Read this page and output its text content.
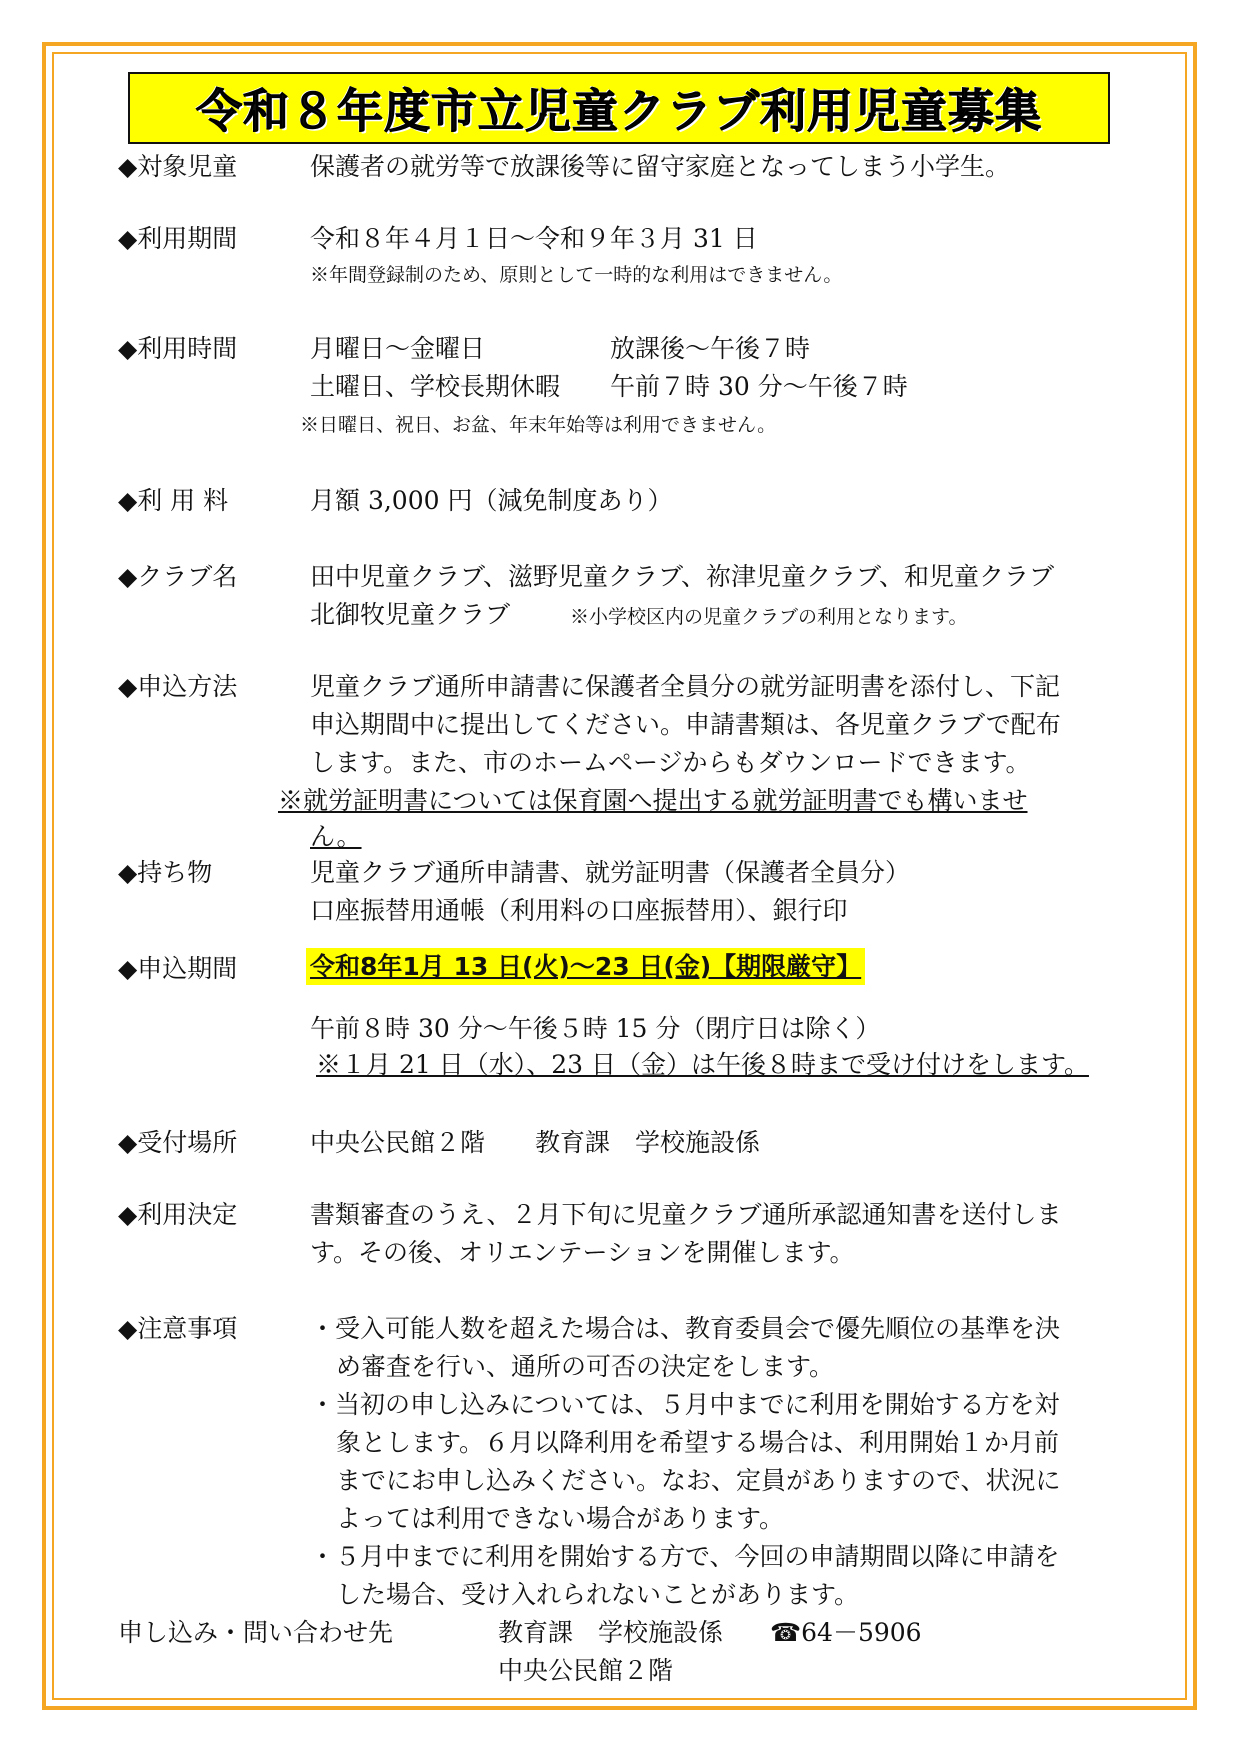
令和８年度市立児童クラブ利用児童募集
◆対象児童	保護者の就労等で放課後等に留守家庭となってしまう小学生。
◆利用期間	令和８年４月１日～令和９年３月 31 日
※年間登録制のため、原則として一時的な利用はできません。
◆利用時間	月曜日～金曜日	放課後～午後７時
土曜日、学校長期休暇 午前７時 30 分～午後７時
※日曜日、祝日、お盆、年末年始等は利用できません。
◆利 用 料	月額 3,000 円（減免制度あり）
◆クラブ名	田中児童クラブ、滋野児童クラブ、祢津児童クラブ、和児童クラブ
北御牧児童クラブ	※小学校区内の児童クラブの利用となります。
◆申込方法	児童クラブ通所申請書に保護者全員分の就労証明書を添付し、下記
申込期間中に提出してください。申請書類は、各児童クラブで配布
します。また、市のホームページからもダウンロードできます。
※就労証明書については保育園へ提出する就労証明書でも構いませ
ん。
◆持ち物	児童クラブ通所申請書、就労証明書（保護者全員分）
口座振替用通帳（利用料の口座振替用）、銀行印
◆申込期間	令和8年1月 13 日(火)～23 日(金)【期限厳守】
午前８時 30 分～午後５時 15 分（閉庁日は除く）
※１月 21 日（水）、23 日（金）は午後８時まで受け付けをします。
◆受付場所	中央公民館２階　　教育課　学校施設係
◆利用決定	書類審査のうえ、２月下旬に児童クラブ通所承認通知書を送付しま
す。その後、オリエンテーションを開催します。
◆注意事項	・受入可能人数を超えた場合は、教育委員会で優先順位の基準を決
め審査を行い、通所の可否の決定をします。
・当初の申し込みについては、５月中までに利用を開始する方を対
象とします。６月以降利用を希望する場合は、利用開始１か月前
までにお申し込みください。なお、定員がありますので、状況に
よっては利用できない場合があります。
・５月中までに利用を開始する方で、今回の申請期間以降に申請を
した場合、受け入れられないことがあります。
申し込み・問い合わせ先	教育課　学校施設係 ☎64－5906
中央公民館２階
